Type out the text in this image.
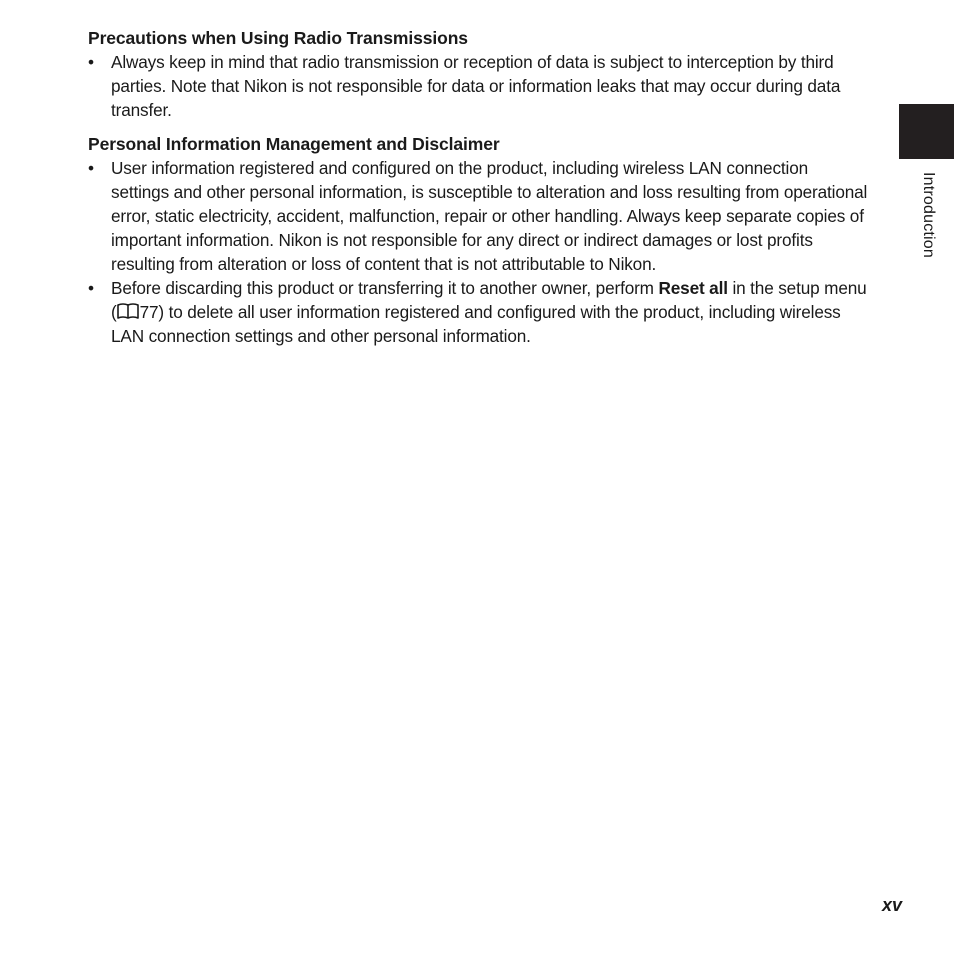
Precautions when Using Radio Transmissions
• Always keep in mind that radio transmission or reception of data is subject to interception by third parties. Note that Nikon is not responsible for data or information leaks that may occur during data transfer.
Personal Information Management and Disclaimer
• User information registered and configured on the product, including wireless LAN connection settings and other personal information, is susceptible to alteration and loss resulting from operational error, static electricity, accident, malfunction, repair or other handling. Always keep separate copies of important information. Nikon is not responsible for any direct or indirect damages or lost profits resulting from alteration or loss of content that is not attributable to Nikon.
• Before discarding this product or transferring it to another owner, perform Reset all in the setup menu ( 77) to delete all user information registered and configured with the product, including wireless LAN connection settings and other personal information.
Introduction
xv
